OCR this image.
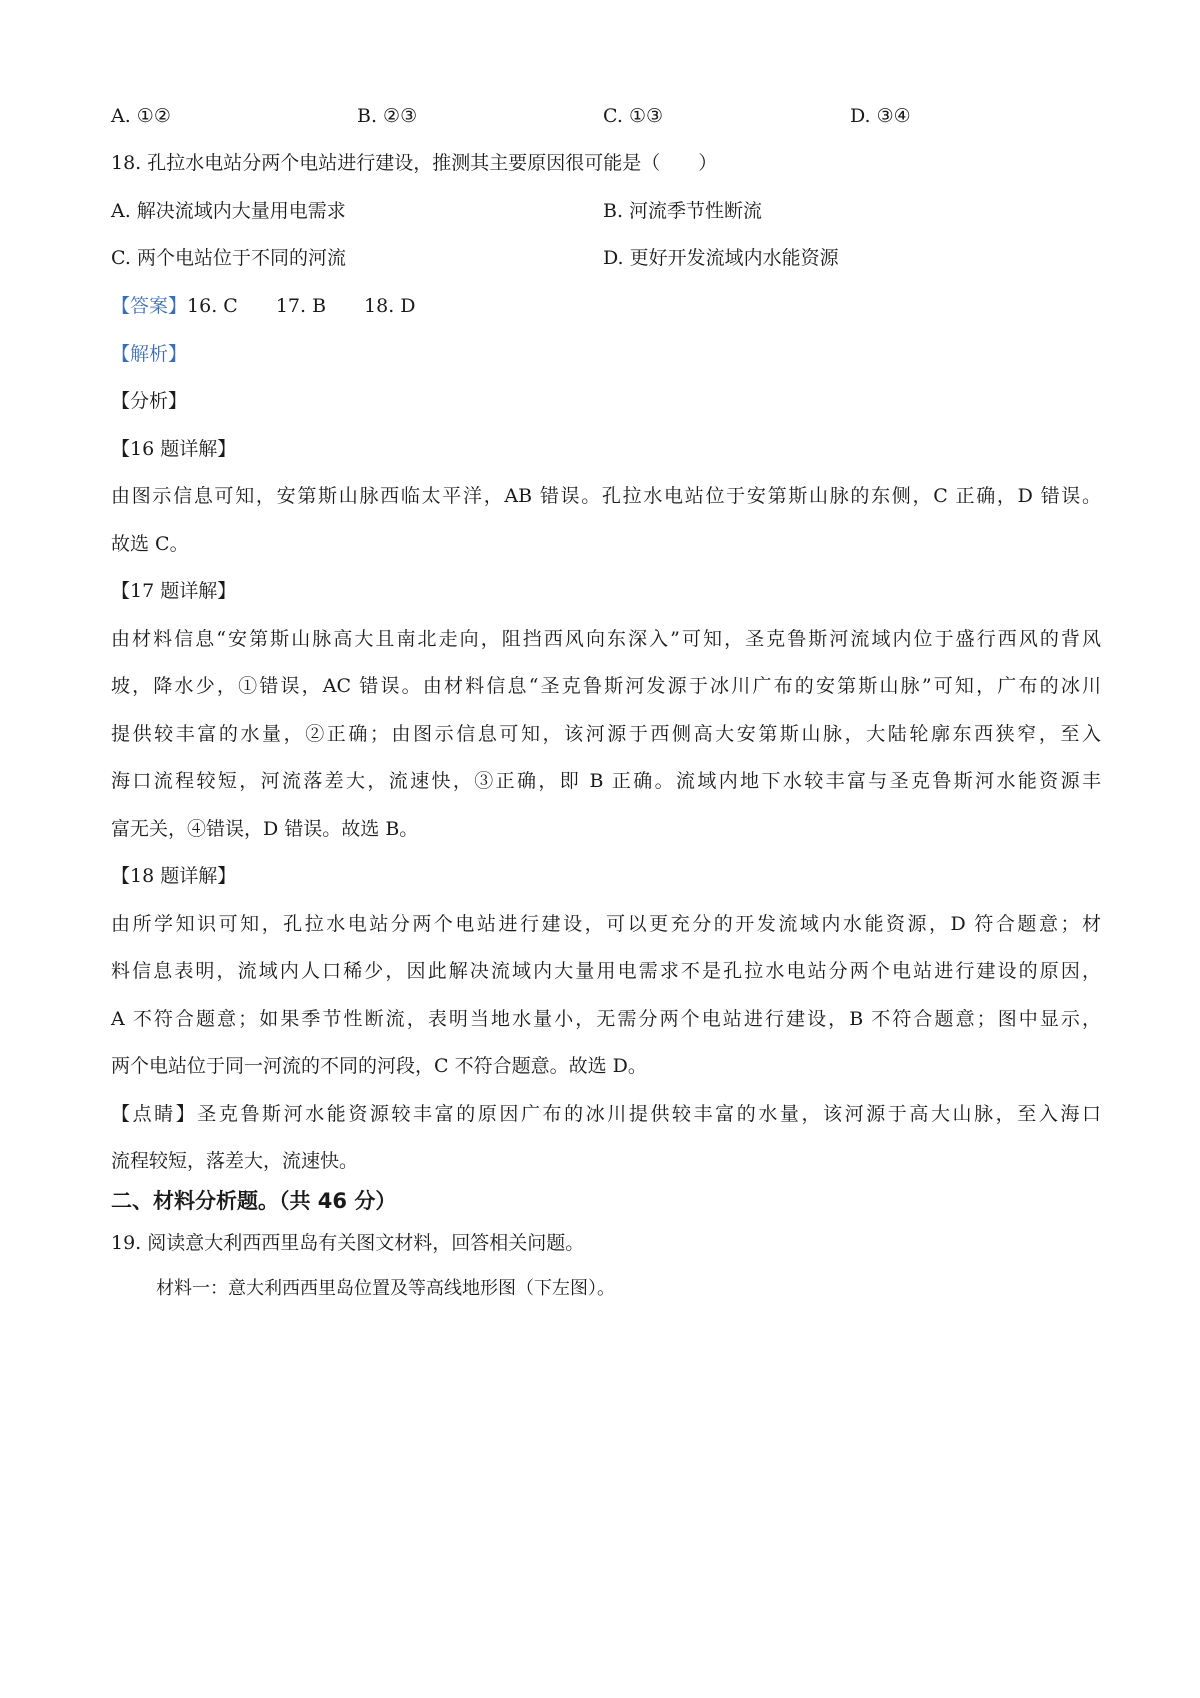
A. ①②	B. ②③	C. ①③	D. ③④
18. 孔拉水电站分两个电站进行建设，推测其主要原因很可能是（　　）
A. 解决流域内大量用电需求	B. 河流季节性断流
C. 两个电站位于不同的河流	D. 更好开发流域内水能资源
【答案】16. C 17. B 18. D
【解析】
【分析】
【16 题详解】
由图示信息可知，安第斯山脉西临太平洋，AB 错误。孔拉水电站位于安第斯山脉的东侧，C 正确，D 错误。
故选 C。
【17 题详解】
由材料信息“安第斯山脉高大且南北走向，阻挡西风向东深入”可知，圣克鲁斯河流域内位于盛行西风的背风
坡，降水少，①错误，AC 错误。由材料信息“圣克鲁斯河发源于冰川广布的安第斯山脉”可知，广布的冰川
提供较丰富的水量，②正确；由图示信息可知，该河源于西侧高大安第斯山脉，大陆轮廓东西狭窄，至入
海口流程较短，河流落差大，流速快，③正确，即 B 正确。流域内地下水较丰富与圣克鲁斯河水能资源丰
富无关，④错误，D 错误。故选 B。
【18 题详解】
由所学知识可知，孔拉水电站分两个电站进行建设，可以更充分的开发流域内水能资源，D 符合题意；材
料信息表明，流域内人口稀少，因此解决流域内大量用电需求不是孔拉水电站分两个电站进行建设的原因，
A 不符合题意；如果季节性断流，表明当地水量小，无需分两个电站进行建设，B 不符合题意；图中显示，
两个电站位于同一河流的不同的河段，C 不符合题意。故选 D。
【点睛】圣克鲁斯河水能资源较丰富的原因广布的冰川提供较丰富的水量，该河源于高大山脉，至入海口
流程较短，落差大，流速快。
二、材料分析题。（共 46 分）
19. 阅读意大利西西里岛有关图文材料，回答相关问题。
材料一：意大利西西里岛位置及等高线地形图（下左图）。
